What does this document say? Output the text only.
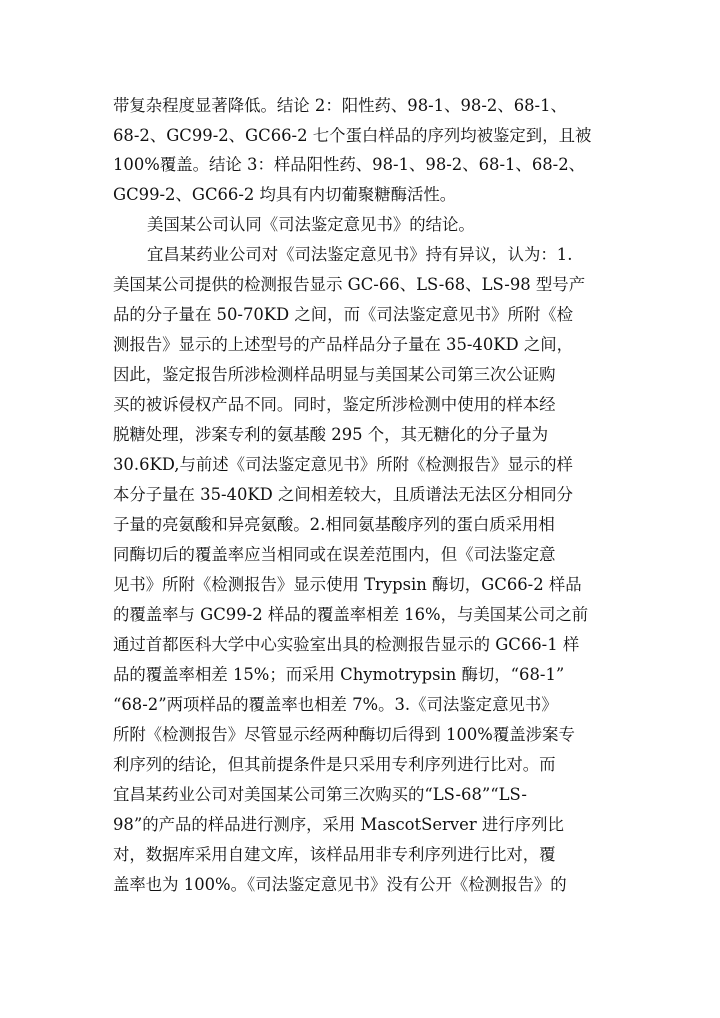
带复杂程度显著降低。结论 2：阳性药、98-1、98-2、68-1、
68-2、GC99-2、GC66-2 七个蛋白样品的序列均被鉴定到，且被
100%覆盖。结论 3：样品阳性药、98-1、98-2、68-1、68-2、
GC99-2、GC66-2 均具有内切葡聚糖酶活性。
美国某公司认同《司法鉴定意见书》的结论。
宜昌某药业公司对《司法鉴定意见书》持有异议，认为：1.
美国某公司提供的检测报告显示 GC-66、LS-68、LS-98 型号产
品的分子量在 50-70KD 之间，而《司法鉴定意见书》所附《检
测报告》显示的上述型号的产品样品分子量在 35-40KD 之间，
因此，鉴定报告所涉检测样品明显与美国某公司第三次公证购
买的被诉侵权产品不同。同时，鉴定所涉检测中使用的样本经
脱糖处理，涉案专利的氨基酸 295 个，其无糖化的分子量为
30.6KD,与前述《司法鉴定意见书》所附《检测报告》显示的样
本分子量在 35-40KD 之间相差较大，且质谱法无法区分相同分
子量的亮氨酸和异亮氨酸。2.相同氨基酸序列的蛋白质采用相
同酶切后的覆盖率应当相同或在误差范围内，但《司法鉴定意
见书》所附《检测报告》显示使用 Trypsin 酶切，GC66-2 样品
的覆盖率与 GC99-2 样品的覆盖率相差 16%，与美国某公司之前
通过首都医科大学中心实验室出具的检测报告显示的 GC66-1 样
品的覆盖率相差 15%；而采用 Chymotrypsin 酶切，“68-1”
“68-2”两项样品的覆盖率也相差 7%。3.《司法鉴定意见书》
所附《检测报告》尽管显示经两种酶切后得到 100%覆盖涉案专
利序列的结论，但其前提条件是只采用专利序列进行比对。而
宜昌某药业公司对美国某公司第三次购买的“LS-68”“LS-
98”的产品的样品进行测序，采用 MascotServer 进行序列比
对，数据库采用自建文库，该样品用非专利序列进行比对，覆
盖率也为 100%。《司法鉴定意见书》没有公开《检测报告》的
